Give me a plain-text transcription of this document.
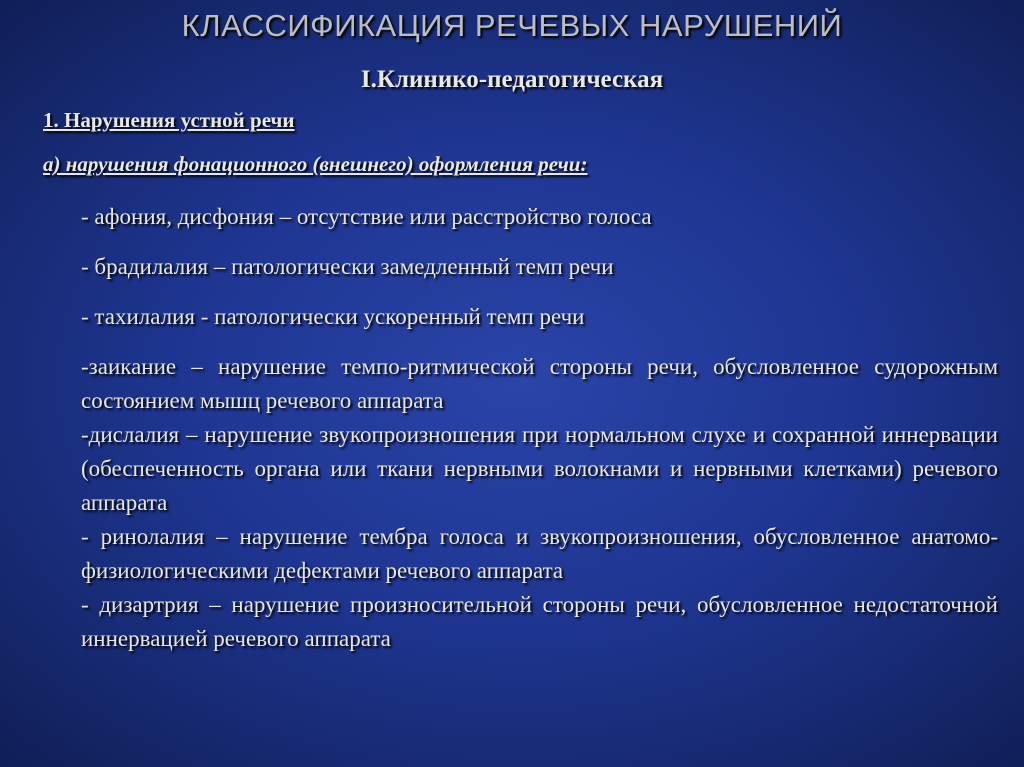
КЛАССИФИКАЦИЯ РЕЧЕВЫХ НАРУШЕНИЙ
I.Клинико-педагогическая
1. Нарушения устной речи
а) нарушения фонационного (внешнего) оформления речи:
- афония, дисфония – отсутствие или расстройство голоса
- брадилалия – патологически замедленный темп речи
- тахилалия - патологически ускоренный темп речи
-заикание – нарушение темпо-ритмической стороны речи, обусловленное судорожным состоянием мышц речевого аппарата
-дислалия – нарушение звукопроизношения при нормальном слухе и сохранной иннервации (обеспеченность органа или ткани нервными волокнами и нервными клетками) речевого аппарата
- ринолалия – нарушение тембра голоса и звукопроизношения, обусловленное анатомо-физиологическими дефектами речевого аппарата
- дизартрия – нарушение произносительной стороны речи, обусловленное недостаточной иннервацией речевого аппарата
